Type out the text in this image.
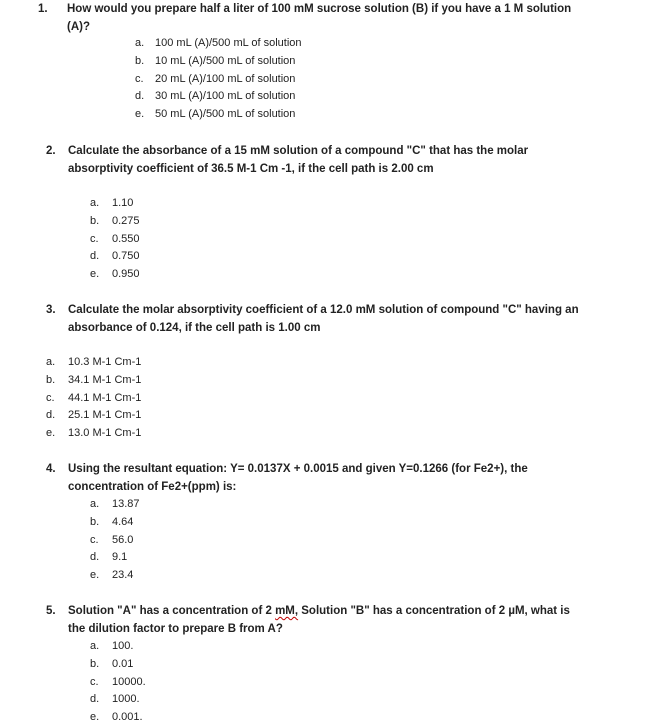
1. How would you prepare half a liter of 100 mM sucrose solution (B) if you have a 1 M solution
(A)?
a. 100 mL (A)/500 mL of solution
b. 10 mL (A)/500 mL of solution
c. 20 mL (A)/100 mL of solution
d. 30 mL (A)/100 mL of solution
e. 50 mL (A)/500 mL of solution
2. Calculate the absorbance of a 15 mM solution of a compound "C" that has the molar
absorptivity coefficient of 36.5 M-1 Cm -1, if the cell path is 2.00 cm
a. 1.10
b. 0.275
c. 0.550
d. 0.750
e. 0.950
3. Calculate the molar absorptivity coefficient of a 12.0 mM solution of compound "C" having an
absorbance of 0.124, if the cell path is 1.00 cm
a. 10.3 M-1 Cm-1
b. 34.1 M-1 Cm-1
c. 44.1 M-1 Cm-1
d. 25.1 M-1 Cm-1
e. 13.0 M-1 Cm-1
4. Using the resultant equation: Y= 0.0137X + 0.0015 and given Y=0.1266 (for Fe2+), the
concentration of Fe2+(ppm) is:
a. 13.87
b. 4.64
c. 56.0
d. 9.1
e. 23.4
5. Solution "A" has a concentration of 2 mM, Solution "B" has a concentration of 2 µM, what is
the dilution factor to prepare B from A?
a. 100.
b. 0.01
c. 10000.
d. 1000.
e. 0.001.
